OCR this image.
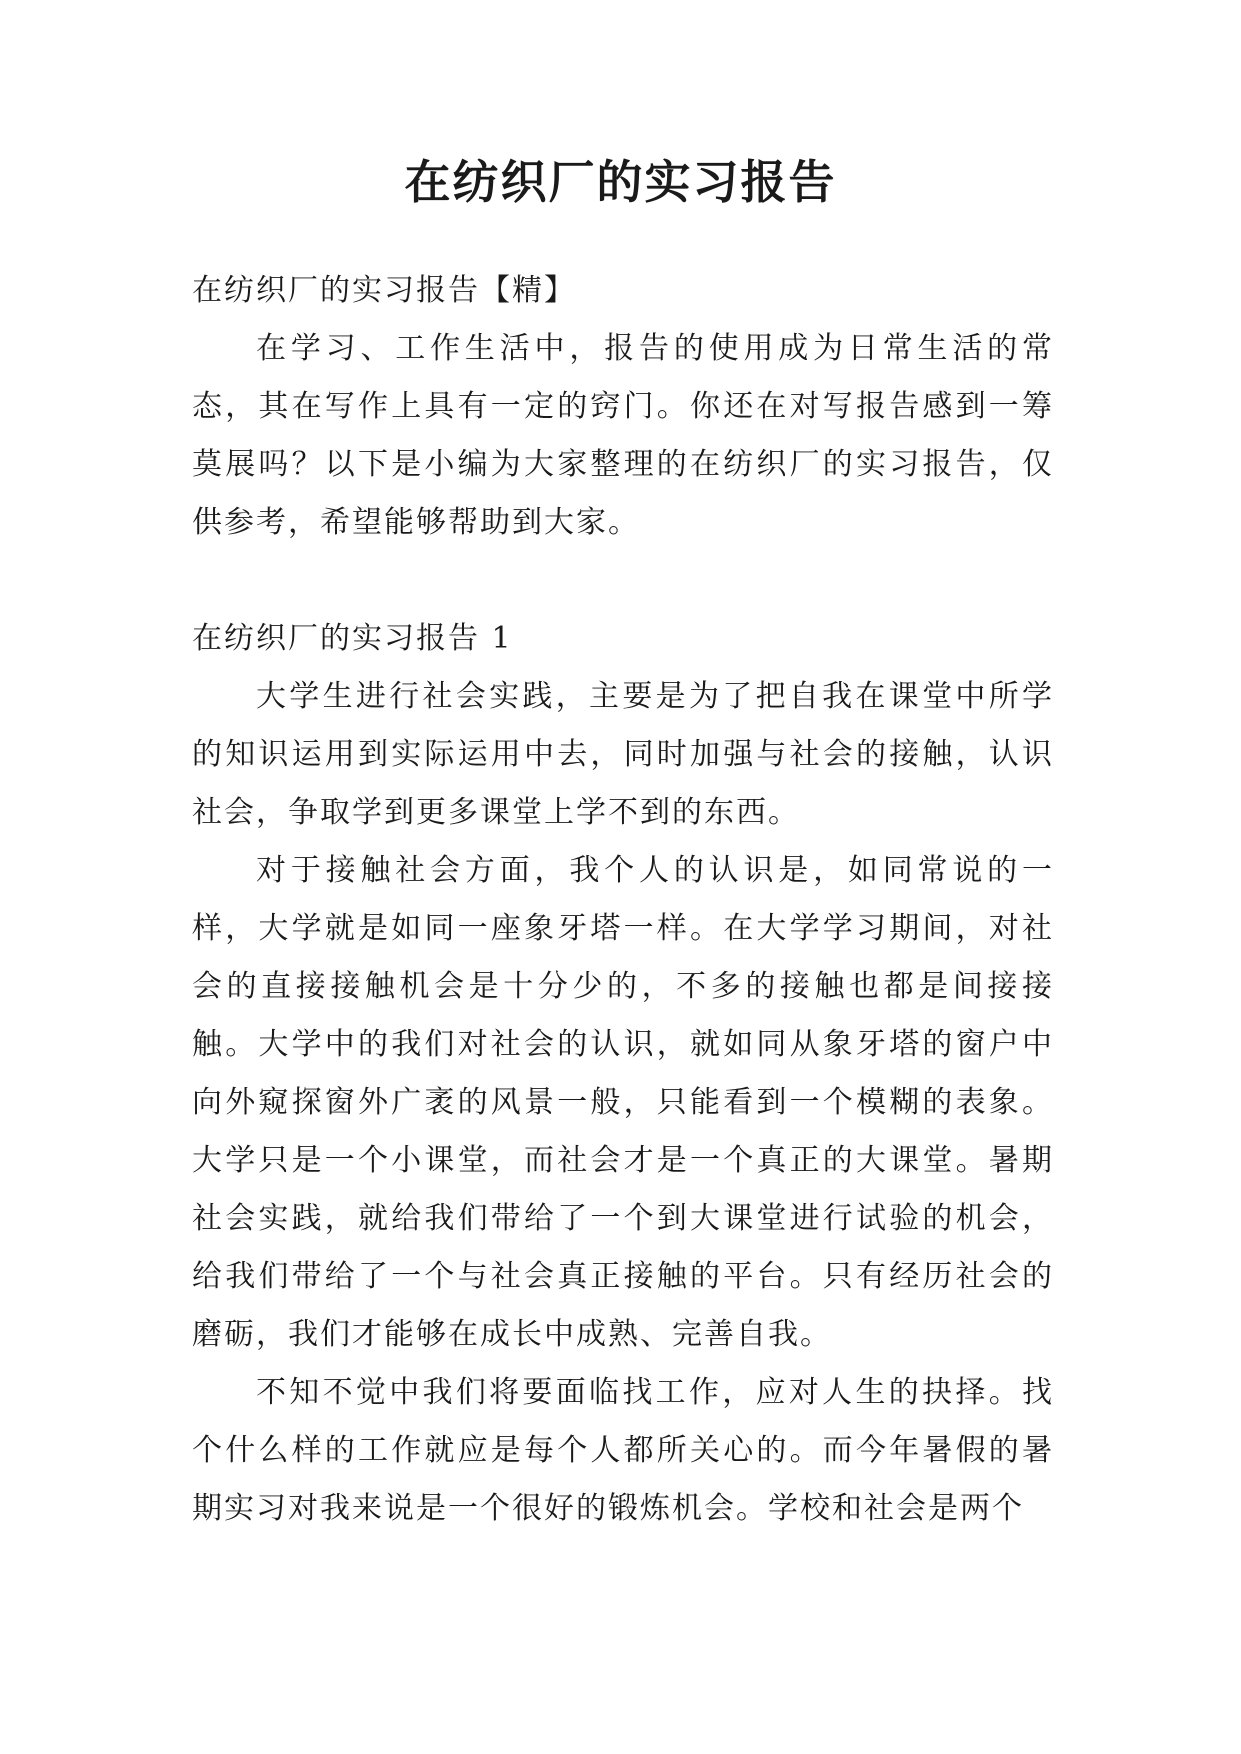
在纺织厂的实习报告

在纺织厂的实习报告【精】

在学习、工作生活中，报告的使用成为日常生活的常态，其在写作上具有一定的窍门。你还在对写报告感到一筹莫展吗？以下是小编为大家整理的在纺织厂的实习报告，仅供参考，希望能够帮助到大家。

在纺织厂的实习报告 1

大学生进行社会实践，主要是为了把自我在课堂中所学的知识运用到实际运用中去，同时加强与社会的接触，认识社会，争取学到更多课堂上学不到的东西。

对于接触社会方面，我个人的认识是，如同常说的一样，大学就是如同一座象牙塔一样。在大学学习期间，对社会的直接接触机会是十分少的，不多的接触也都是间接接触。大学中的我们对社会的认识，就如同从象牙塔的窗户中向外窥探窗外广袤的风景一般，只能看到一个模糊的表象。大学只是一个小课堂，而社会才是一个真正的大课堂。暑期社会实践，就给我们带给了一个到大课堂进行试验的机会，给我们带给了一个与社会真正接触的平台。只有经历社会的磨砺，我们才能够在成长中成熟、完善自我。

不知不觉中我们将要面临找工作，应对人生的抉择。找个什么样的工作就应是每个人都所关心的。而今年暑假的暑期实习对我来说是一个很好的锻炼机会。学校和社会是两个
